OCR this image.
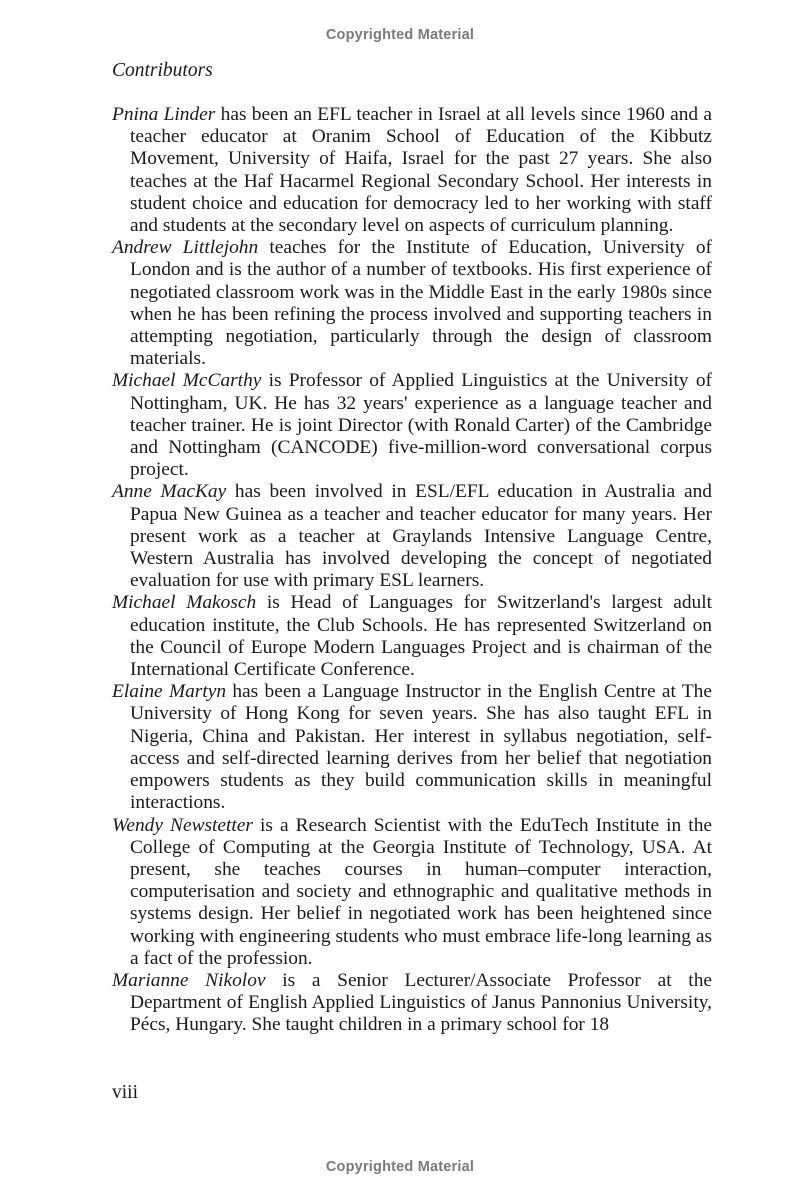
Copyrighted Material
Contributors
Pnina Linder has been an EFL teacher in Israel at all levels since 1960 and a teacher educator at Oranim School of Education of the Kibbutz Movement, University of Haifa, Israel for the past 27 years. She also teaches at the Haf Hacarmel Regional Secondary School. Her interests in student choice and education for democracy led to her working with staff and students at the secondary level on aspects of curriculum planning.
Andrew Littlejohn teaches for the Institute of Education, University of London and is the author of a number of textbooks. His first experience of negotiated classroom work was in the Middle East in the early 1980s since when he has been refining the process involved and supporting teachers in attempting negotiation, particularly through the design of classroom materials.
Michael McCarthy is Professor of Applied Linguistics at the University of Nottingham, UK. He has 32 years' experience as a language teacher and teacher trainer. He is joint Director (with Ronald Carter) of the Cambridge and Nottingham (CANCODE) five-million-word conversational corpus project.
Anne MacKay has been involved in ESL/EFL education in Australia and Papua New Guinea as a teacher and teacher educator for many years. Her present work as a teacher at Graylands Intensive Language Centre, Western Australia has involved developing the concept of negotiated evaluation for use with primary ESL learners.
Michael Makosch is Head of Languages for Switzerland's largest adult education institute, the Club Schools. He has represented Switzerland on the Council of Europe Modern Languages Project and is chairman of the International Certificate Conference.
Elaine Martyn has been a Language Instructor in the English Centre at The University of Hong Kong for seven years. She has also taught EFL in Nigeria, China and Pakistan. Her interest in syllabus negotiation, self-access and self-directed learning derives from her belief that negotiation empowers students as they build communication skills in meaningful interactions.
Wendy Newstetter is a Research Scientist with the EduTech Institute in the College of Computing at the Georgia Institute of Technology, USA. At present, she teaches courses in human–computer interaction, computerisation and society and ethnographic and qualitative methods in systems design. Her belief in negotiated work has been heightened since working with engineering students who must embrace life-long learning as a fact of the profession.
Marianne Nikolov is a Senior Lecturer/Associate Professor at the Department of English Applied Linguistics of Janus Pannonius University, Pécs, Hungary. She taught children in a primary school for 18

viii

Copyrighted Material
